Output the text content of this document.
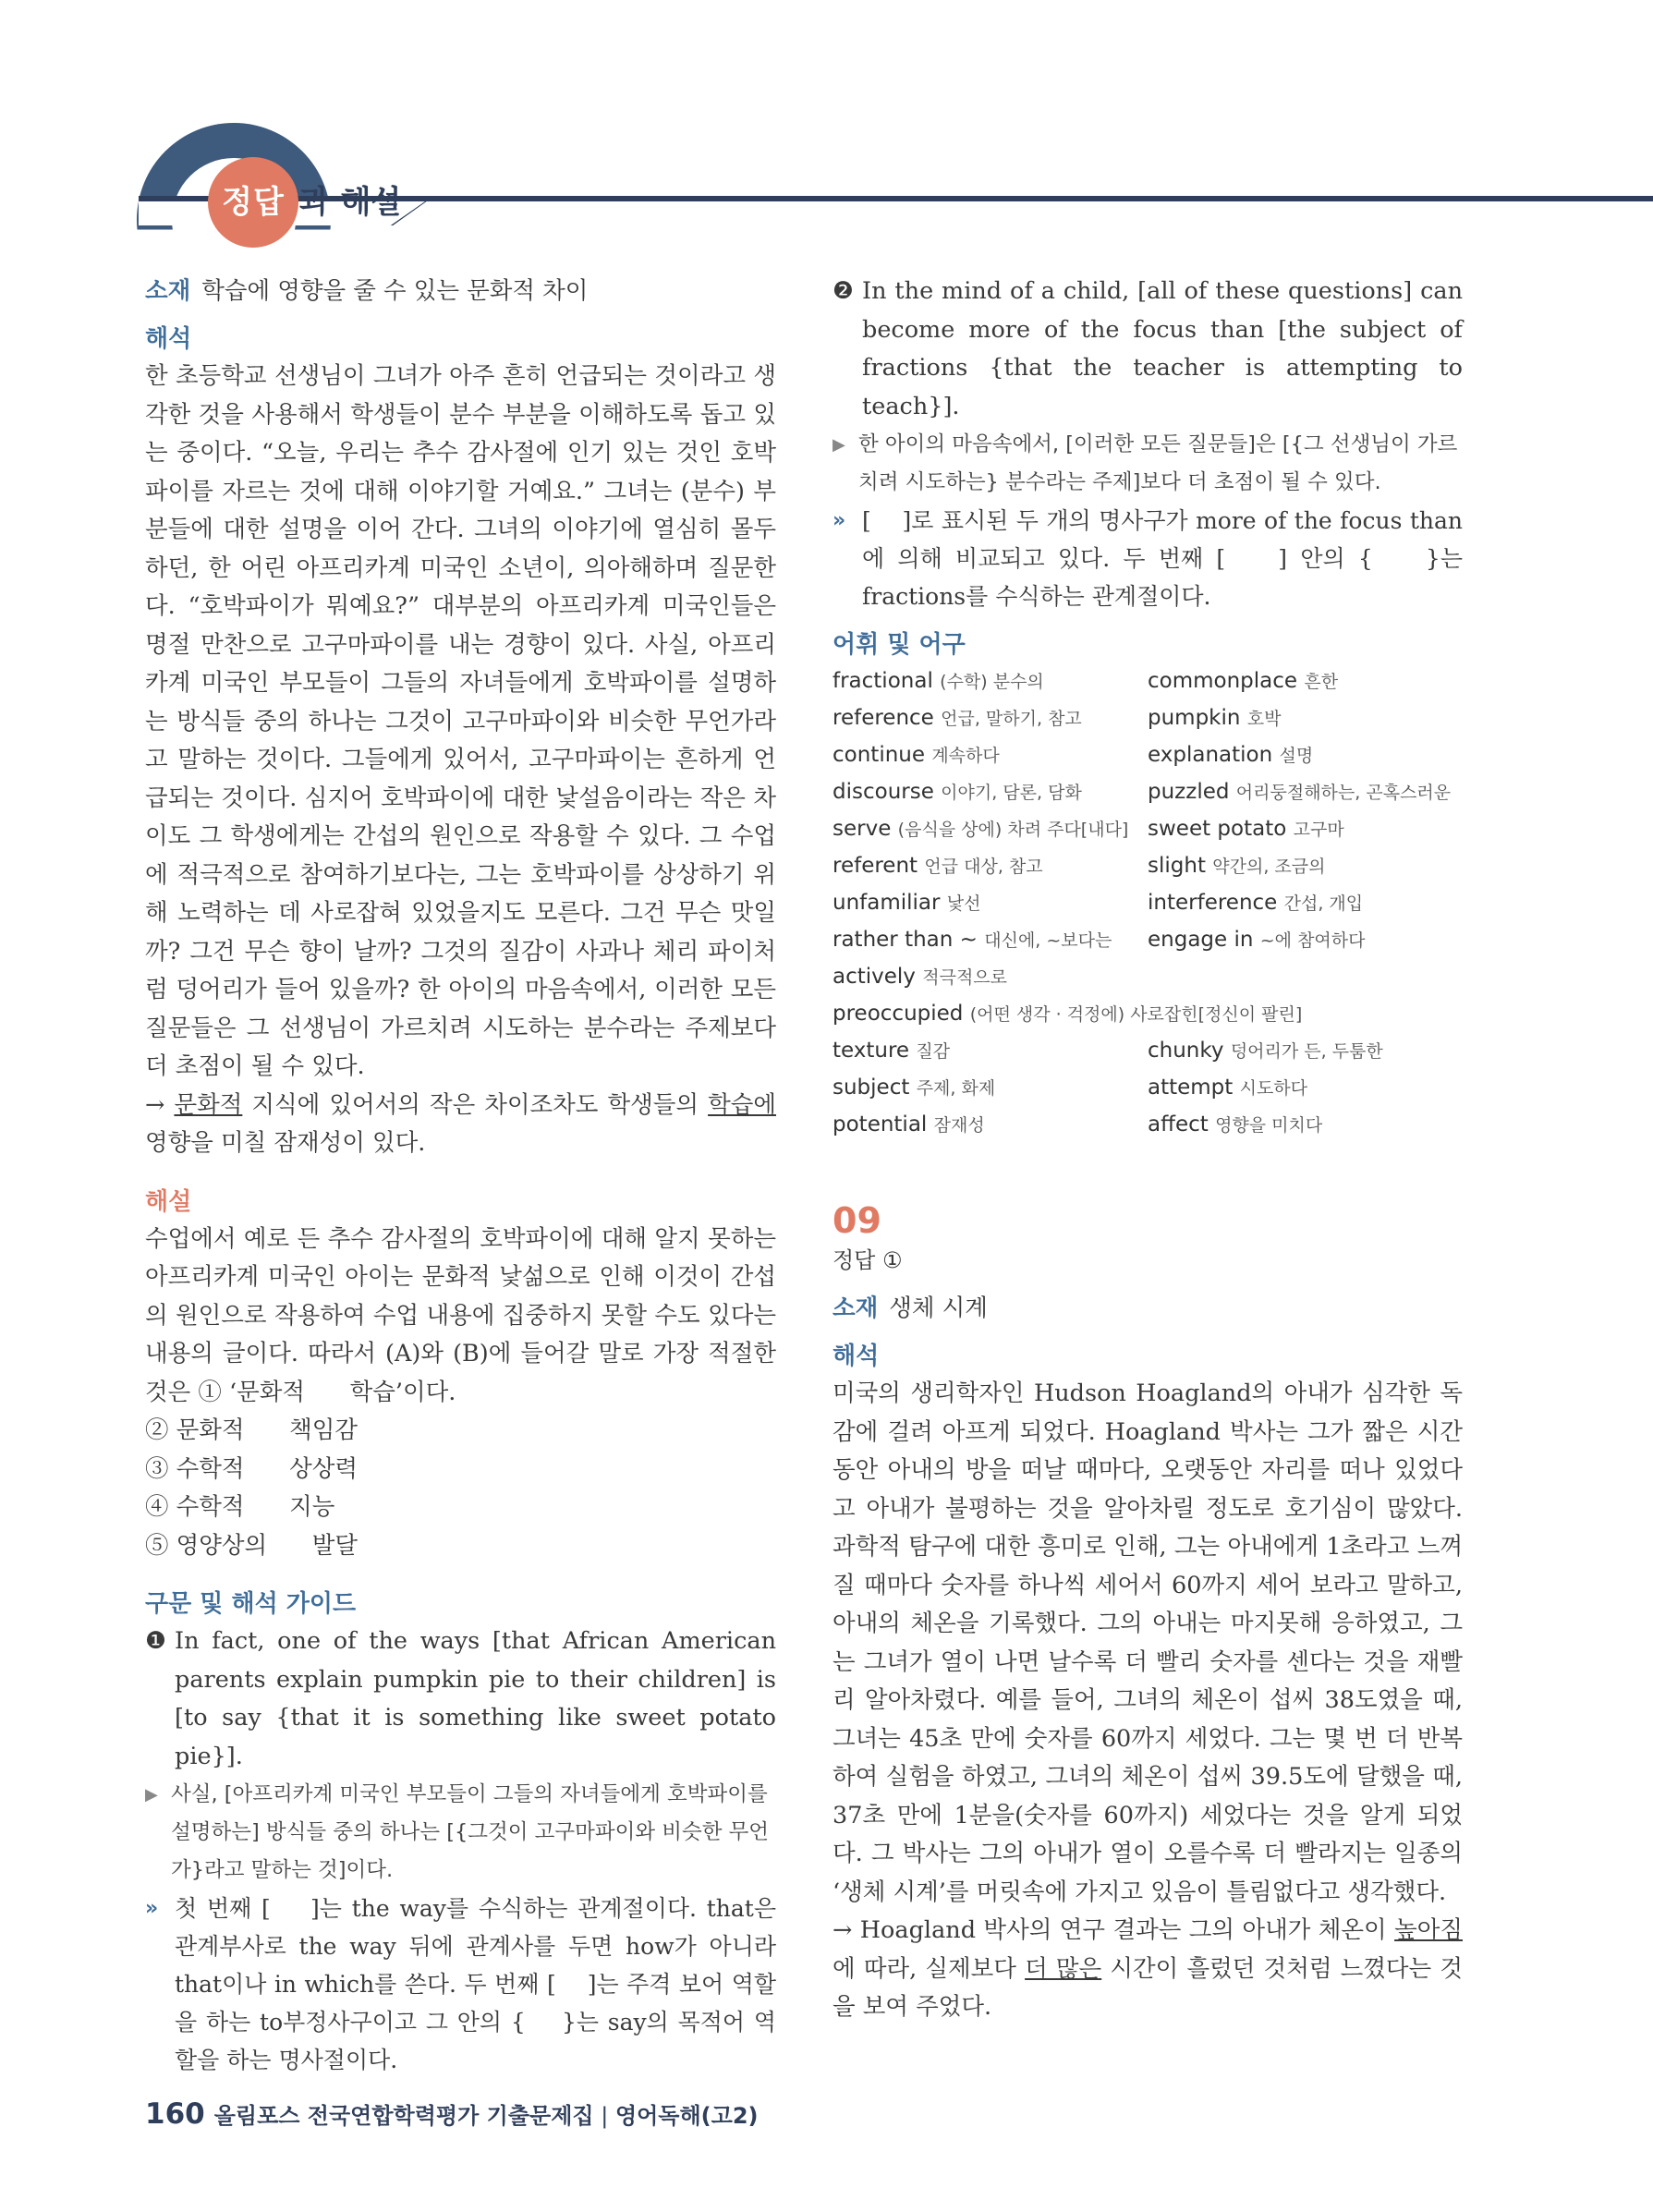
정답 과 해설

소재 학습에 영향을 줄 수 있는 문화적 차이

해석

한 초등학교 선생님이 그녀가 아주 흔히 언급되는 것이라고 생각한 것을 사용해서 학생들이 분수 부분을 이해하도록 돕고 있는 중이다. “오늘, 우리는 추수 감사절에 인기 있는 것인 호박파이를 자르는 것에 대해 이야기할 거예요.” 그녀는 (분수) 부분들에 대한 설명을 이어 간다. 그녀의 이야기에 열심히 몰두하던, 한 어린 아프리카계 미국인 소년이, 의아해하며 질문한다. “호박파이가 뭐예요?” 대부분의 아프리카계 미국인들은 명절 만찬으로 고구마파이를 내는 경향이 있다. 사실, 아프리카계 미국인 부모들이 그들의 자녀들에게 호박파이를 설명하는 방식들 중의 하나는 그것이 고구마파이와 비슷한 무언가라고 말하는 것이다. 그들에게 있어서, 고구마파이는 흔하게 언급되는 것이다. 심지어 호박파이에 대한 낯설음이라는 작은 차이도 그 학생에게는 간섭의 원인으로 작용할 수 있다. 그 수업에 적극적으로 참여하기보다는, 그는 호박파이를 상상하기 위해 노력하는 데 사로잡혀 있었을지도 모른다. 그건 무슨 맛일까? 그건 무슨 향이 날까? 그것의 질감이 사과나 체리 파이처럼 덩어리가 들어 있을까? 한 아이의 마음속에서, 이러한 모든 질문들은 그 선생님이 가르치려 시도하는 분수라는 주제보다 더 초점이 될 수 있다.

→ 문화적 지식에 있어서의 작은 차이조차도 학생들의 학습에 영향을 미칠 잠재성이 있다.

해설

수업에서 예로 든 추수 감사절의 호박파이에 대해 알지 못하는 아프리카계 미국인 아이는 문화적 낯섦으로 인해 이것이 간섭의 원인으로 작용하여 수업 내용에 집중하지 못할 수도 있다는 내용의 글이다. 따라서 (A)와 (B)에 들어갈 말로 가장 적절한 것은 ① ‘문화적      학습’이다.

② 문화적      책임감

③ 수학적      상상력

④ 수학적      지능

⑤ 영양상의      발달

구문 및 해석 가이드

❶ In fact, one of the ways [that African American parents explain pumpkin pie to their children] is [to say {that it is something like sweet potato pie}].
▶ 사실, [아프리카계 미국인 부모들이 그들의 자녀들에게 호박파이를 설명하는] 방식들 중의 하나는 [{그것이 고구마파이와 비슷한 무언가}라고 말하는 것]이다.
» 첫 번째 [    ]는 the way를 수식하는 관계절이다. that은 관계부사로 the way 뒤에 관계사를 두면 how가 아니라 that이나 in which를 쓴다. 두 번째 [    ]는 주격 보어 역할을 하는 to부정사구이고 그 안의 {    }는 say의 목적어 역할을 하는 명사절이다.
❷ In the mind of a child, [all of these questions] can become more of the focus than [the subject of fractions {that the teacher is attempting to teach}].
▶ 한 아이의 마음속에서, [이러한 모든 질문들]은 [{그 선생님이 가르치려 시도하는} 분수라는 주제]보다 더 초점이 될 수 있다.
» [    ]로 표시된 두 개의 명사구가 more of the focus than에 의해 비교되고 있다. 두 번째 [    ] 안의 {    }는 fractions를 수식하는 관계절이다.

어휘 및 어구

fractional (수학) 분수의	commonplace 흔한
reference 언급, 말하기, 참고	pumpkin 호박
continue 계속하다	explanation 설명
discourse 이야기, 담론, 담화	puzzled 어리둥절해하는, 곤혹스러운
serve (음식을 상에) 차려 주다[내다] sweet potato 고구마
referent 언급 대상, 참고	slight 약간의, 조금의
unfamiliar 낯선	interference 간섭, 개입
rather than ~ 대신에, ~보다는	engage in ~에 참여하다
actively 적극적으로
preoccupied (어떤 생각 · 걱정에) 사로잡힌[정신이 팔린]
texture 질감	chunky 덩어리가 든, 두툼한
subject 주제, 화제	attempt 시도하다
potential 잠재성	affect 영향을 미치다

09

정답 ①

소재 생체 시계

해석

미국의 생리학자인 Hudson Hoagland의 아내가 심각한 독감에 걸려 아프게 되었다. Hoagland 박사는 그가 짧은 시간 동안 아내의 방을 떠날 때마다, 오랫동안 자리를 떠나 있었다고 아내가 불평하는 것을 알아차릴 정도로 호기심이 많았다. 과학적 탐구에 대한 흥미로 인해, 그는 아내에게 1초라고 느껴질 때마다 숫자를 하나씩 세어서 60까지 세어 보라고 말하고, 아내의 체온을 기록했다. 그의 아내는 마지못해 응하였고, 그는 그녀가 열이 나면 날수록 더 빨리 숫자를 센다는 것을 재빨리 알아차렸다. 예를 들어, 그녀의 체온이 섭씨 38도였을 때, 그녀는 45초 만에 숫자를 60까지 세었다. 그는 몇 번 더 반복하여 실험을 하였고, 그녀의 체온이 섭씨 39.5도에 달했을 때, 37초 만에 1분을(숫자를 60까지) 세었다는 것을 알게 되었다. 그 박사는 그의 아내가 열이 오를수록 더 빨라지는 일종의 ‘생체 시계’를 머릿속에 가지고 있음이 틀림없다고 생각했다.

→ Hoagland 박사의 연구 결과는 그의 아내가 체온이 높아짐에 따라, 실제보다 더 많은 시간이 흘렀던 것처럼 느꼈다는 것을 보여 주었다.

160 올림포스 전국연합학력평가 기출문제집 | 영어독해(고2)
